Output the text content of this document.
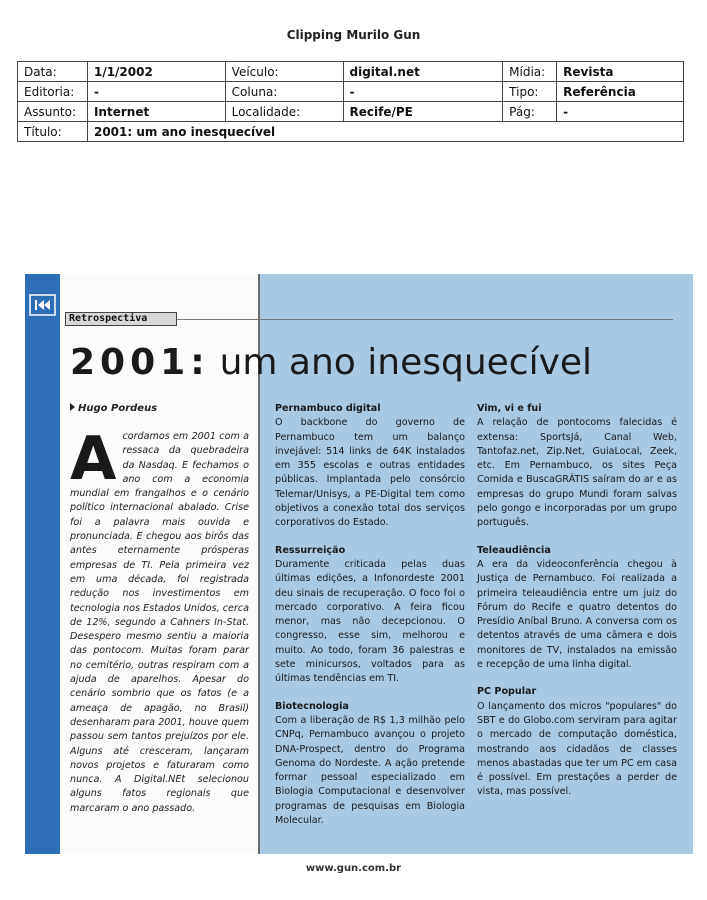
Clipping Murilo Gun
Data:	1/1/2002	Veículo:	digital.net	Mídia:	Revista
Editoria:	-	Coluna:	-	Tipo:	Referência
Assunto:	Internet	Localidade:	Recife/PE	Pág:	-
Título:	2001: um ano inesquecível				
Retrospectiva
2001: um ano inesquecível
Hugo Pordeus
Acordamos em 2001 com a ressaca da quebradeira da Nasdaq. E fechamos o ano com a economia mundial em frangalhos e o cenário político internacional abalado. Crise foi a palavra mais ouvida e pronunciada. E chegou aos birôs das antes eternamente prósperas empresas de TI. Pela primeira vez em uma década, foi registrada redução nos investimentos em tecnologia nos Estados Unidos, cerca de 12%, segundo a Cahners In-Stat. Desespero mesmo sentiu a maioria das pontocom. Muitas foram parar no cemitério, outras respiram com a ajuda de aparelhos. Apesar do cenário sombrio que os fatos (e a ameaça de apagão, no Brasil) desenharam para 2001, houve quem passou sem tantos prejuízos por ele. Alguns até cresceram, lançaram novos projetos e faturaram como nunca. A Digital.NEt selecionou alguns fatos regionais que marcaram o ano passado.
Pernambuco digital

O backbone do governo de Pernambuco tem um balanço invejável: 514 links de 64K instalados em 355 escolas e outras entidades públicas. Implantada pelo consórcio Telemar/Unisys, a PE-Digital tem como objetivos a conexão total dos serviços corporativos do Estado.

Ressurreição

Duramente criticada pelas duas últimas edições, a Infonordeste 2001 deu sinais de recuperação. O foco foi o mercado corporativo. A feira ficou menor, mas não decepcionou. O congresso, esse sim, melhorou e muito. Ao todo, foram 36 palestras e sete minicursos, voltados para as últimas tendências em TI.

Biotecnologia

Com a liberação de R$ 1,3 milhão pelo CNPq, Pernambuco avançou o projeto DNA-Prospect, dentro do Programa Genoma do Nordeste. A ação pretende formar pessoal especializado em Biologia Computacional e desenvolver programas de pesquisas em Biologia Molecular.

Vim, vi e fui

A relação de pontocoms falecidas é extensa: SportsJá, Canal Web, Tantofaz.net, Zip.Net, GuiaLocal, Zeek, etc. Em Pernambuco, os sites Peça Comida e BuscaGRÁTIS saíram do ar e as empresas do grupo Mundi foram salvas pelo gongo e incorporadas por um grupo português.

Teleaudiência

A era da videoconferência chegou à Justiça de Pernambuco. Foi realizada a primeira teleaudiência entre um juiz do Fórum do Recife e quatro detentos do Presídio Aníbal Bruno. A conversa com os detentos através de uma câmera e dois monitores de TV, instalados na emissão e recepção de uma linha digital.

PC Popular

O lançamento dos micros "populares" do SBT e do Globo.com serviram para agitar o mercado de computação doméstica, mostrando aos cidadãos de classes menos abastadas que ter um PC em casa é possível. Em prestações a perder de vista, mas possível.

www.gun.com.br
